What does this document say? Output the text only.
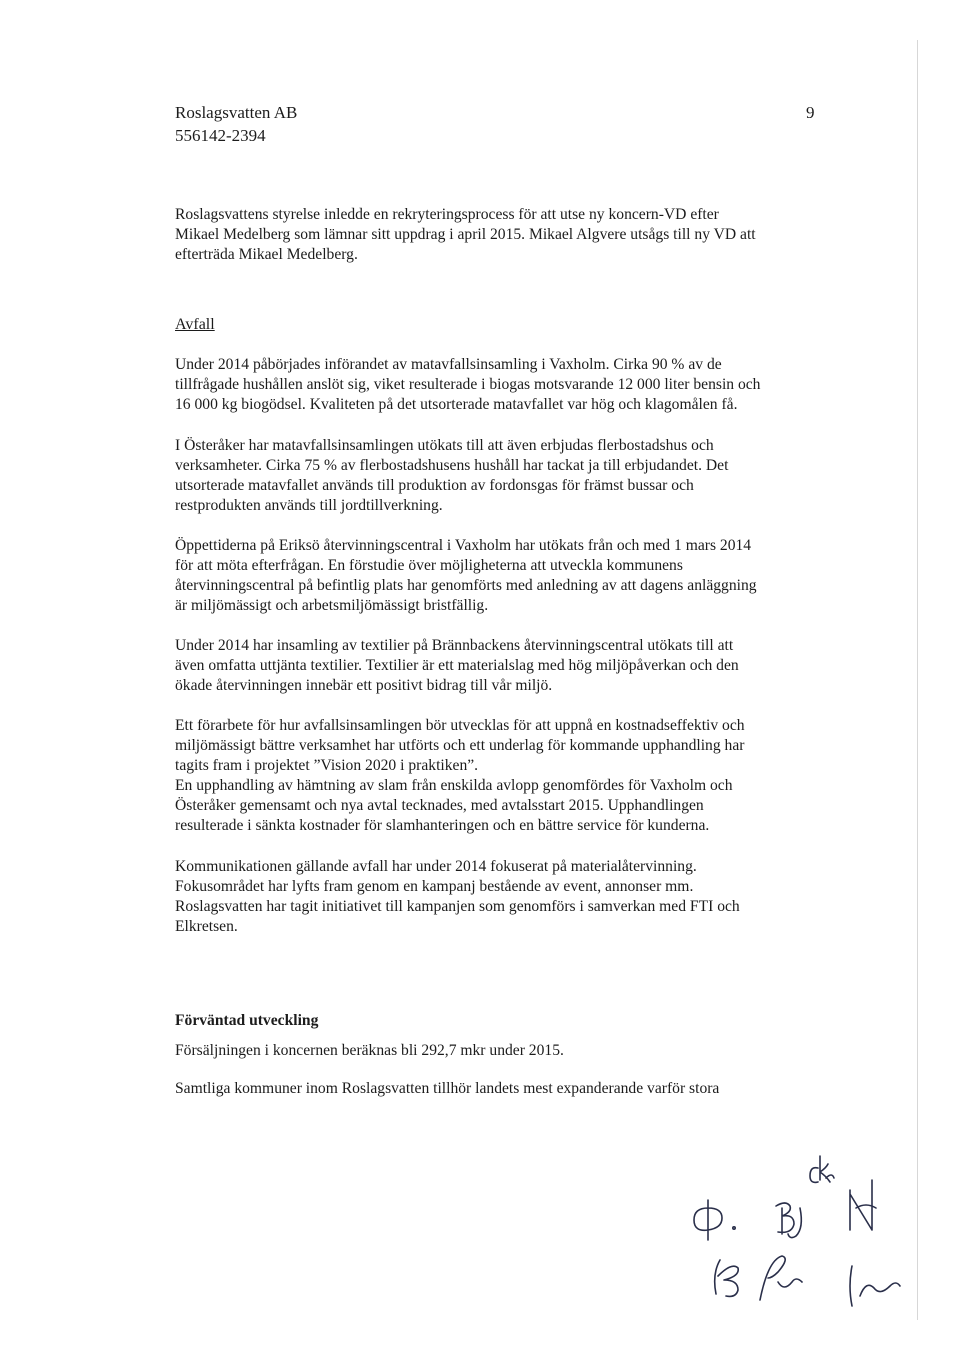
Roslagsvatten AB
556142-2394
9
Roslagsvattens styrelse inledde en rekryteringsprocess för att utse ny koncern-VD efter
Mikael Medelberg som lämnar sitt uppdrag i april 2015. Mikael Algvere utsågs till ny VD att
efterträda Mikael Medelberg.
Avfall
Under 2014 påbörjades införandet av matavfallsinsamling i Vaxholm. Cirka 90 % av de
tillfrågade hushållen anslöt sig, viket resulterade i biogas motsvarande 12 000 liter bensin och
16 000 kg biogödsel. Kvaliteten på det utsorterade matavfallet var hög och klagomålen få.
I Österåker har matavfallsinsamlingen utökats till att även erbjudas flerbostadshus och
verksamheter. Cirka 75 % av flerbostadshusens hushåll har tackat ja till erbjudandet. Det
utsorterade matavfallet används till produktion av fordonsgas för främst bussar och
restprodukten används till jordtillverkning.
Öppettiderna på Eriksö återvinningscentral i Vaxholm har utökats från och med 1 mars 2014
för att möta efterfrågan. En förstudie över möjligheterna att utveckla kommunens
återvinningscentral på befintlig plats har genomförts med anledning av att dagens anläggning
är miljömässigt och arbetsmiljömässigt bristfällig.
Under 2014 har insamling av textilier på Brännbackens återvinningscentral utökats till att
även omfatta uttjänta textilier. Textilier är ett materialslag med hög miljöpåverkan och den
ökade återvinningen innebär ett positivt bidrag till vår miljö.
Ett förarbete för hur avfallsinsamlingen bör utvecklas för att uppnå en kostnadseffektiv och
miljömässigt bättre verksamhet har utförts och ett underlag för kommande upphandling har
tagits fram i projektet ”Vision 2020 i praktiken”.
En upphandling av hämtning av slam från enskilda avlopp genomfördes för Vaxholm och
Österåker gemensamt och nya avtal tecknades, med avtalsstart 2015. Upphandlingen
resulterade i sänkta kostnader för slamhanteringen och en bättre service för kunderna.
Kommunikationen gällande avfall har under 2014 fokuserat på materialåtervinning.
Fokusområdet har lyfts fram genom en kampanj bestående av event, annonser mm.
Roslagsvatten har tagit initiativet till kampanjen som genomförs i samverkan med FTI och
Elkretsen.
Förväntad utveckling
Försäljningen i koncernen beräknas bli 292,7 mkr under 2015.
Samtliga kommuner inom Roslagsvatten tillhör landets mest expanderande varför stora
